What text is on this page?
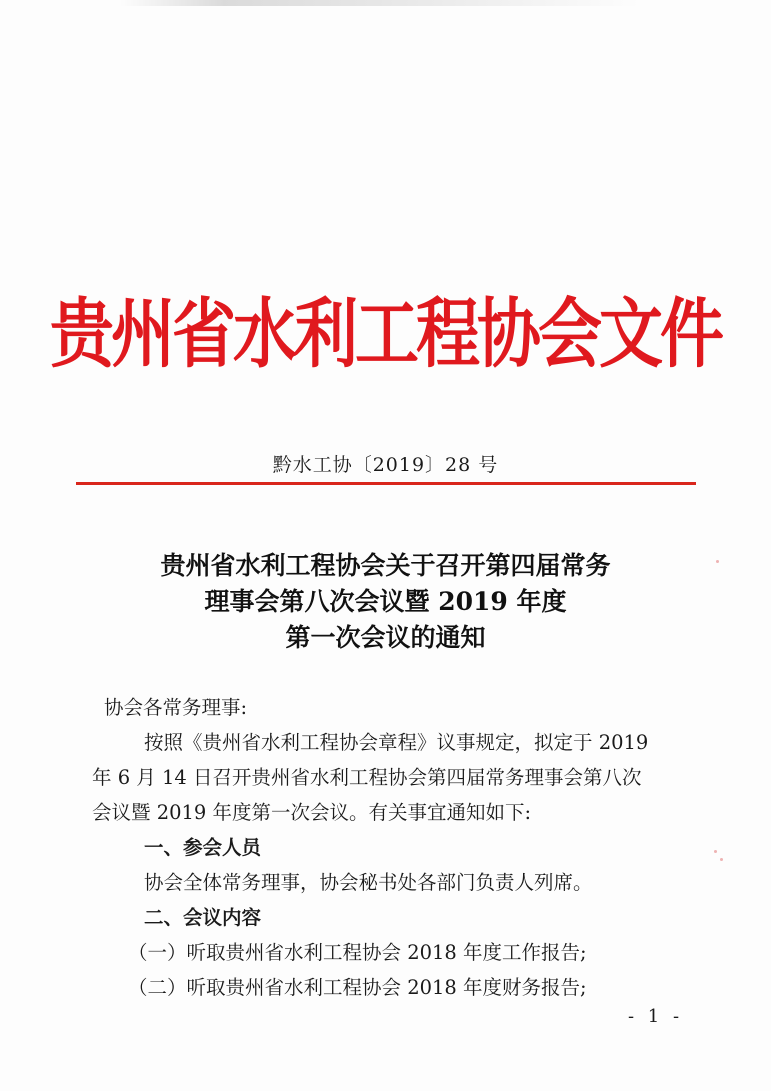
贵州省水利工程协会文件
黔水工协〔2019〕28 号
贵州省水利工程协会关于召开第四届常务
理事会第八次会议暨 2019 年度
第一次会议的通知
协会各常务理事:
按照《贵州省水利工程协会章程》议事规定，拟定于 2019
年 6 月 14 日召开贵州省水利工程协会第四届常务理事会第八次
会议暨 2019 年度第一次会议。有关事宜通知如下:
一、参会人员
协会全体常务理事，协会秘书处各部门负责人列席。
二、会议内容
（一）听取贵州省水利工程协会 2018 年度工作报告;
（二）听取贵州省水利工程协会 2018 年度财务报告;
- 1 -
